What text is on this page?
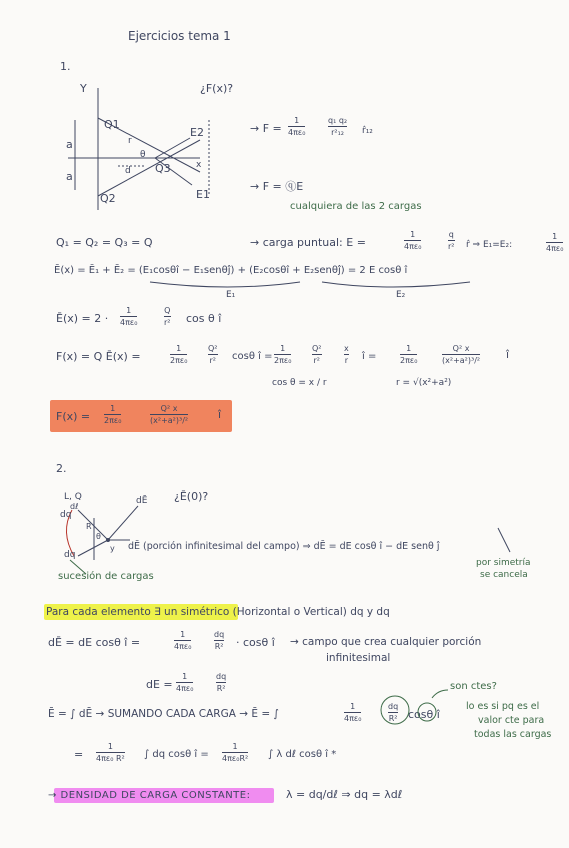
Ejercicios tema 1
1.
¿F(x)?
Y
Q1
Q2
Q3
a
a	d
r
E2
E1
x
θ
→ F =
1
4πε₀
q₁ q₂
r²₁₂ r̂₁₂
→ F = ⓠE
cualquiera de las 2 cargas
Q₁ = Q₂ = Q₃ = Q	→ carga puntual: E =
1
4πε₀
q
r² r̂ ⇒ E₁=E₂:
1
4πε₀
Ē(x) = Ē₁ + Ē₂ = (E₁cosθî − E₁senθĵ) + (E₂cosθî + E₂senθĵ) = 2 E cosθ î
E₁	E₂
Ē(x) = 2 ·
1
4πε₀
Q
r² cos θ î
F(x) = Q Ē(x) =
1
2πε₀
Q²
r² cosθ î =
1
2πε₀
Q²
r²
x
r î =
1
2πε₀
Q² x
(x²+a²)³/² î
cos θ = x / r	r = √(x²+a²)
F(x) =
1
2πε₀
Q² x
(x²+a²)³/²	î
2.
¿Ē(0)?
L, Q
dℓ
dq
dq
dĒ
R
θ
y dĒ (porción infinitesimal del campo) ⇒ dĒ = dE cosθ î − dE senθ ĵ
por simetría
se cancela
sucesión de cargas
Para cada elemento ∃ un simétrico (Horizontal o Vertical) dq y dq
dĒ = dE cosθ î =
1
4πε₀
dq
R² · cosθ î → campo que crea cualquier porción
infinitesimal
dE =
1
4πε₀
dq
R²
Ē = ∫ dĒ → SUMANDO CADA CARGA → Ē = ∫
1
4πε₀
dq
R² cosθ î
son ctes?
lo es si pq es el
valor cte para
todas las cargas
=
1
4πε₀ R² ∫ dq cosθ î =
1
4πε₀R² ∫ λ dℓ cosθ î *
→ DENSIDAD DE CARGA CONSTANTE:	λ = dq/dℓ ⇒ dq = λdℓ
